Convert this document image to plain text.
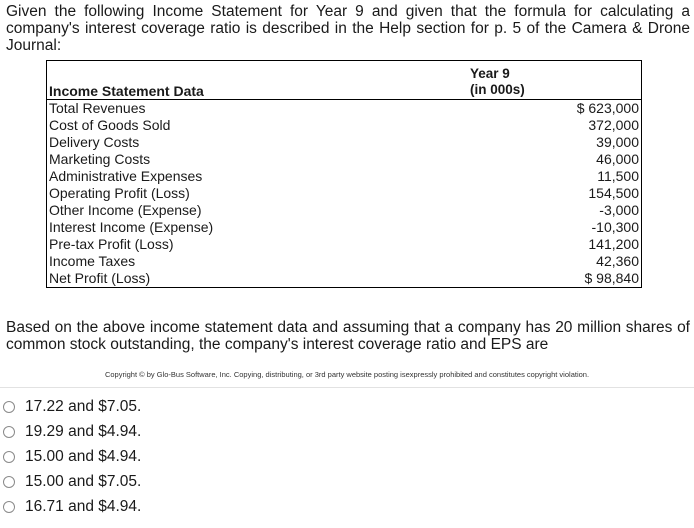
Given the following Income Statement for Year 9 and given that the formula for calculating a company's interest coverage ratio is described in the Help section for p. 5 of the Camera & Drone Journal:

Income Statement Data
Year 9
(in 000s)
Total Revenues	$ 623,000
Cost of Goods Sold	372,000
Delivery Costs	39,000
Marketing Costs	46,000
Administrative Expenses	11,500
Operating Profit (Loss)	154,500
Other Income (Expense)	-3,000
Interest Income (Expense)	-10,300
Pre-tax Profit (Loss)	141,200
Income Taxes	42,360
Net Profit (Loss)	$ 98,840

Based on the above income statement data and assuming that a company has 20 million shares of common stock outstanding, the company's interest coverage ratio and EPS are

Copyright © by Glo-Bus Software, Inc. Copying, distributing, or 3rd party website posting isexpressly prohibited and constitutes copyright violation.
17.22 and $7.05.
19.29 and $4.94.
15.00 and $4.94.
15.00 and $7.05.
16.71 and $4.94.
